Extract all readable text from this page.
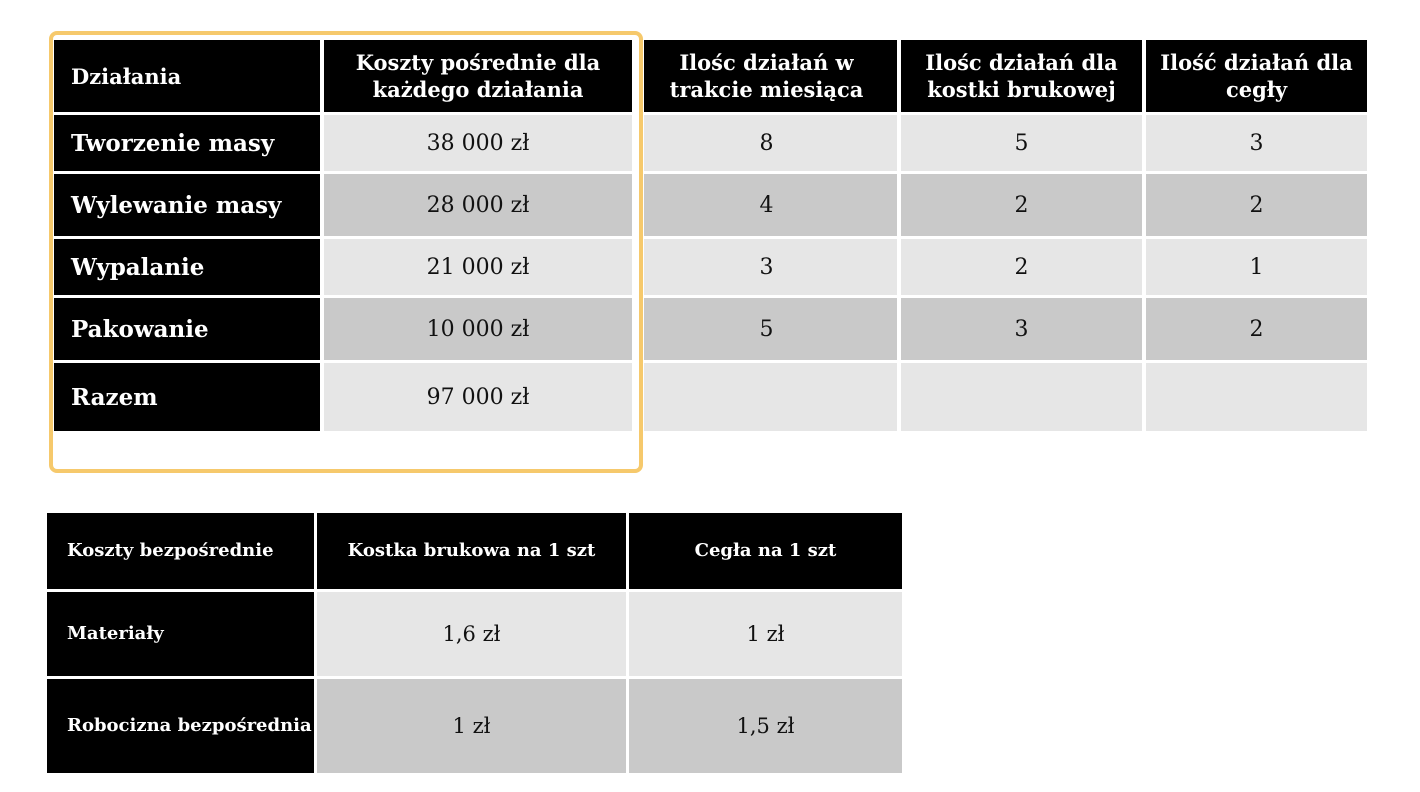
Działania	Koszty pośrednie dla każdego działania	Ilośc działań w trakcie miesiąca	Ilośc działań dla kostki brukowej	Ilość działań dla cegły
Tworzenie masy	38 000 zł	8	5	3
Wylewanie masy	28 000 zł	4	2	2
Wypalanie	21 000 zł	3	2	1
Pakowanie	10 000 zł	5	3	2
Razem	97 000 zł			
Koszty bezpośrednie	Kostka brukowa na 1 szt	Cegła na 1 szt
Materiały	1,6 zł	1 zł
Robocizna bezpośrednia	1 zł	1,5 zł
